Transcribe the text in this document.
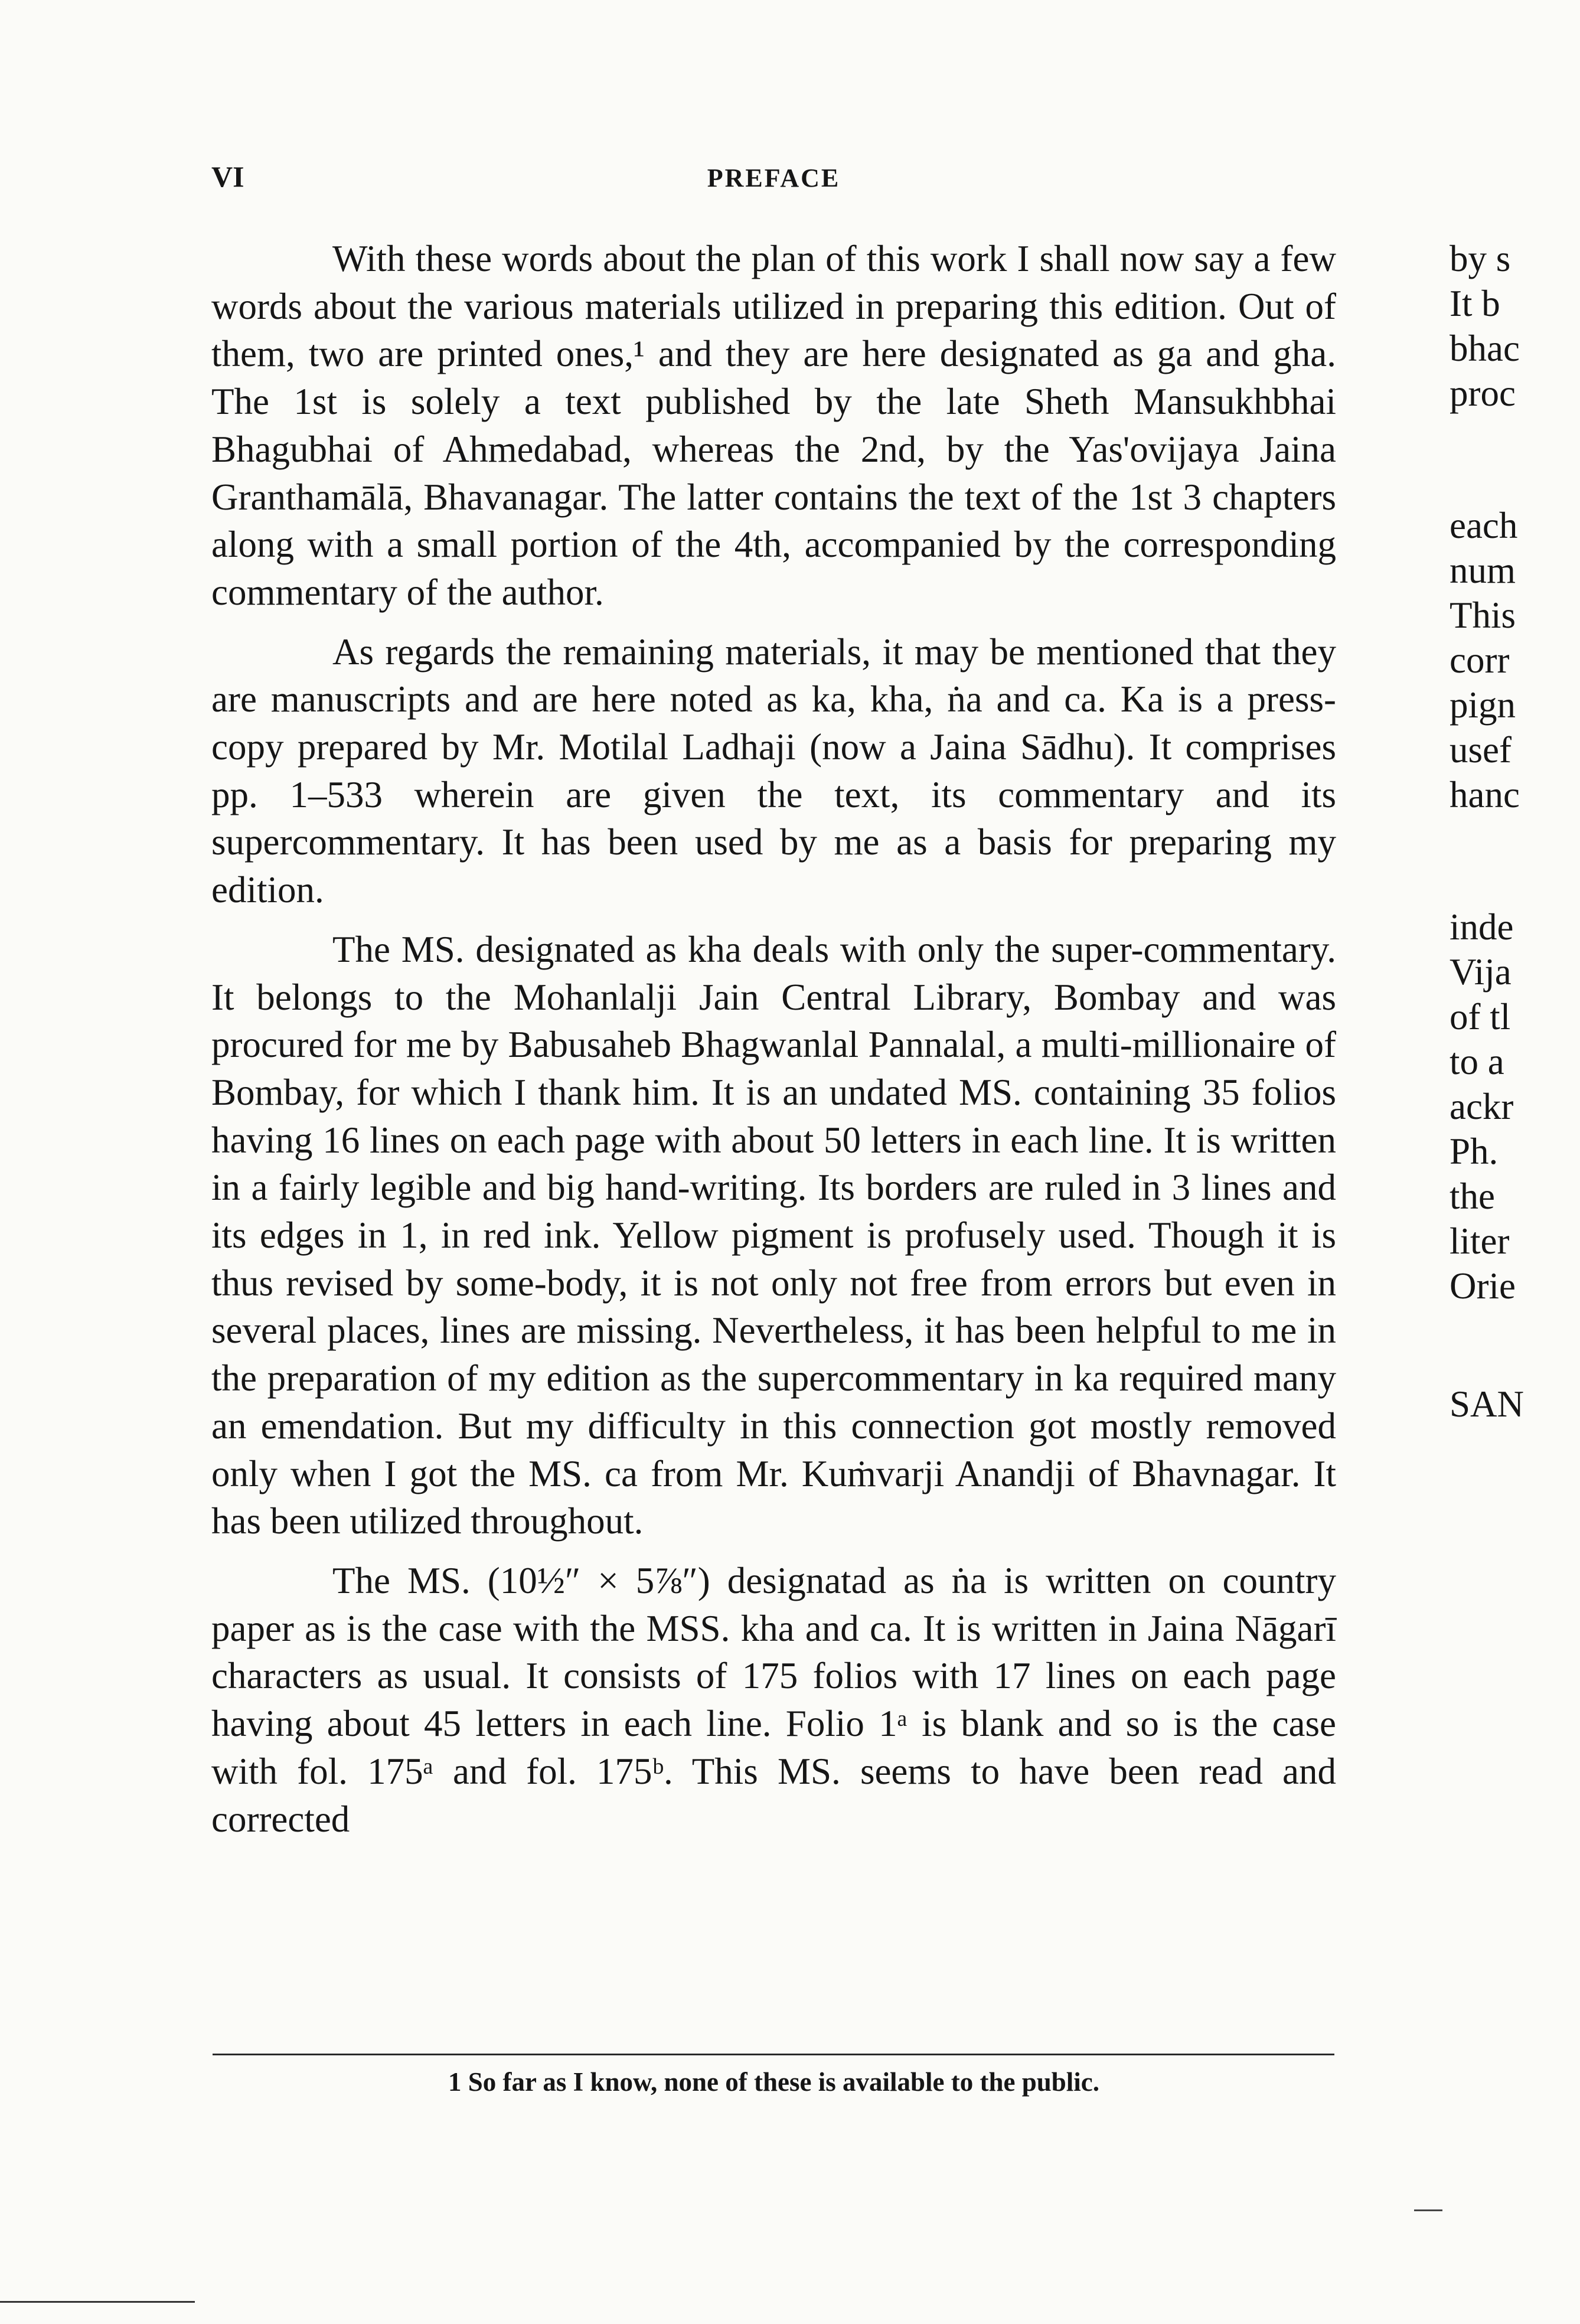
VI	PREFACE

With these words about the plan of this work I shall now say a few words about the various materials utilized in preparing this edition. Out of them, two are printed ones,¹ and they are here designated as ga and gha. The 1st is solely a text published by the late Sheth Mansukhbhai Bhagubhai of Ahmedabad, whereas the 2nd, by the Yas'ovijaya Jaina Granthamālā, Bhavanagar. The latter contains the text of the 1st 3 chapters along with a small portion of the 4th, accompanied by the corresponding commentary of the author.

As regards the remaining materials, it may be mentioned that they are manuscripts and are here noted as ka, kha, ṅa and ca. Ka is a press-copy prepared by Mr. Motilal Ladhaji (now a Jaina Sādhu). It comprises pp. 1–533 wherein are given the text, its commentary and its supercommentary. It has been used by me as a basis for preparing my edition.

The MS. designated as kha deals with only the super-commentary. It belongs to the Mohanlalji Jain Central Library, Bombay and was procured for me by Babusaheb Bhagwanlal Pannalal, a multi-millionaire of Bombay, for which I thank him. It is an undated MS. containing 35 folios having 16 lines on each page with about 50 letters in each line. It is written in a fairly legible and big hand-writing. Its borders are ruled in 3 lines and its edges in 1, in red ink. Yellow pigment is profusely used. Though it is thus revised by some-body, it is not only not free from errors but even in several places, lines are missing. Nevertheless, it has been helpful to me in the preparation of my edition as the supercommentary in ka required many an emendation. But my difficulty in this connection got mostly removed only when I got the MS. ca from Mr. Kuṁvarji Anandji of Bhavnagar. It has been utilized throughout.

The MS. (10½″ × 5⅞″) designatad as ṅa is written on country paper as is the case with the MSS. kha and ca. It is written in Jaina Nāgarī characters as usual. It consists of 175 folios with 17 lines on each page having about 45 letters in each line. Folio 1ᵃ is blank and so is the case with fol. 175ᵃ and fol. 175ᵇ. This MS. seems to have been read and corrected

1 So far as I know, none of these is available to the public.
by s
It b
bhac
proc
each
num
This
corr
pign
usef
hanc
inde
Vija
of tl
to a
ackr
Ph.
the
liter
Orie
SAN
